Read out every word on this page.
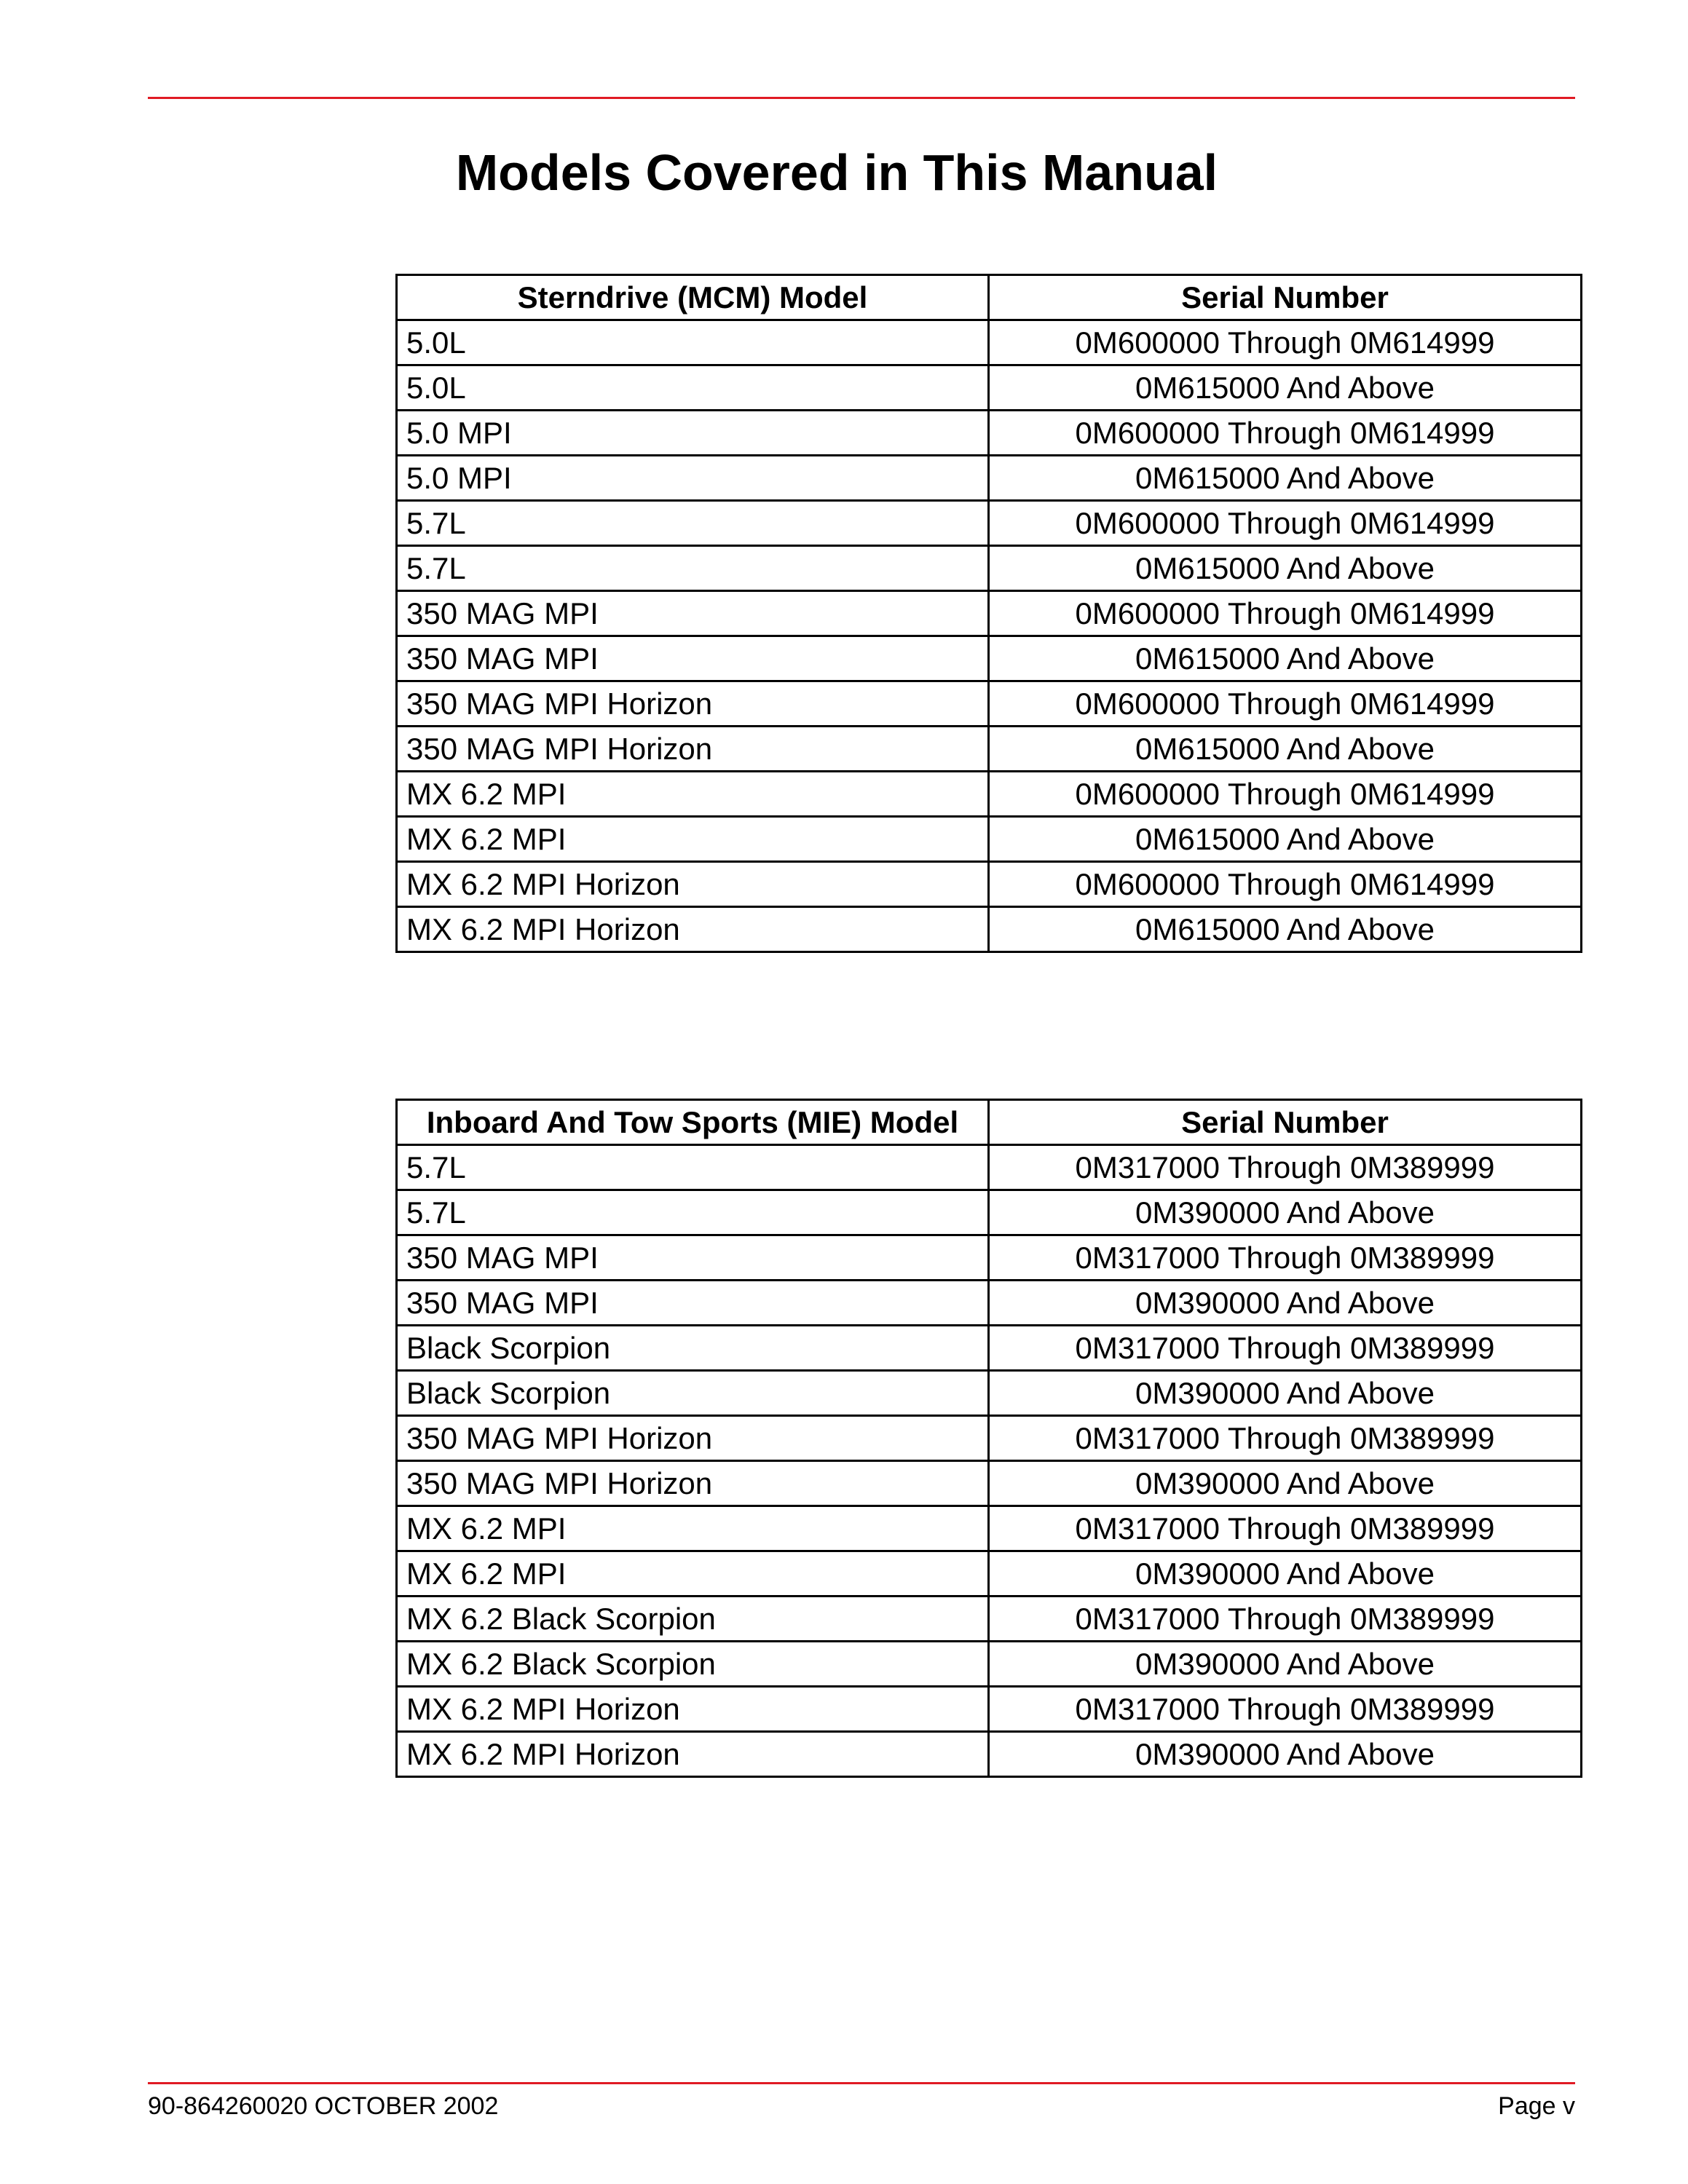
Models Covered in This Manual
Sterndrive (MCM) Model	Serial Number
5.0L	0M600000 Through 0M614999
5.0L	0M615000 And Above
5.0 MPI	0M600000 Through 0M614999
5.0 MPI	0M615000 And Above
5.7L	0M600000 Through 0M614999
5.7L	0M615000 And Above
350 MAG MPI	0M600000 Through 0M614999
350 MAG MPI	0M615000 And Above
350 MAG MPI Horizon	0M600000 Through 0M614999
350 MAG MPI Horizon	0M615000 And Above
MX 6.2 MPI	0M600000 Through 0M614999
MX 6.2 MPI	0M615000 And Above
MX 6.2 MPI Horizon	0M600000 Through 0M614999
MX 6.2 MPI Horizon	0M615000 And Above
Inboard And Tow Sports (MIE) Model	Serial Number
5.7L	0M317000 Through 0M389999
5.7L	0M390000 And Above
350 MAG MPI	0M317000 Through 0M389999
350 MAG MPI	0M390000 And Above
Black Scorpion	0M317000 Through 0M389999
Black Scorpion	0M390000 And Above
350 MAG MPI Horizon	0M317000 Through 0M389999
350 MAG MPI Horizon	0M390000 And Above
MX 6.2 MPI	0M317000 Through 0M389999
MX 6.2 MPI	0M390000 And Above
MX 6.2 Black Scorpion	0M317000 Through 0M389999
MX 6.2 Black Scorpion	0M390000 And Above
MX 6.2 MPI Horizon	0M317000 Through 0M389999
MX 6.2 MPI Horizon	0M390000 And Above
90-864260020 OCTOBER 2002	Page v
